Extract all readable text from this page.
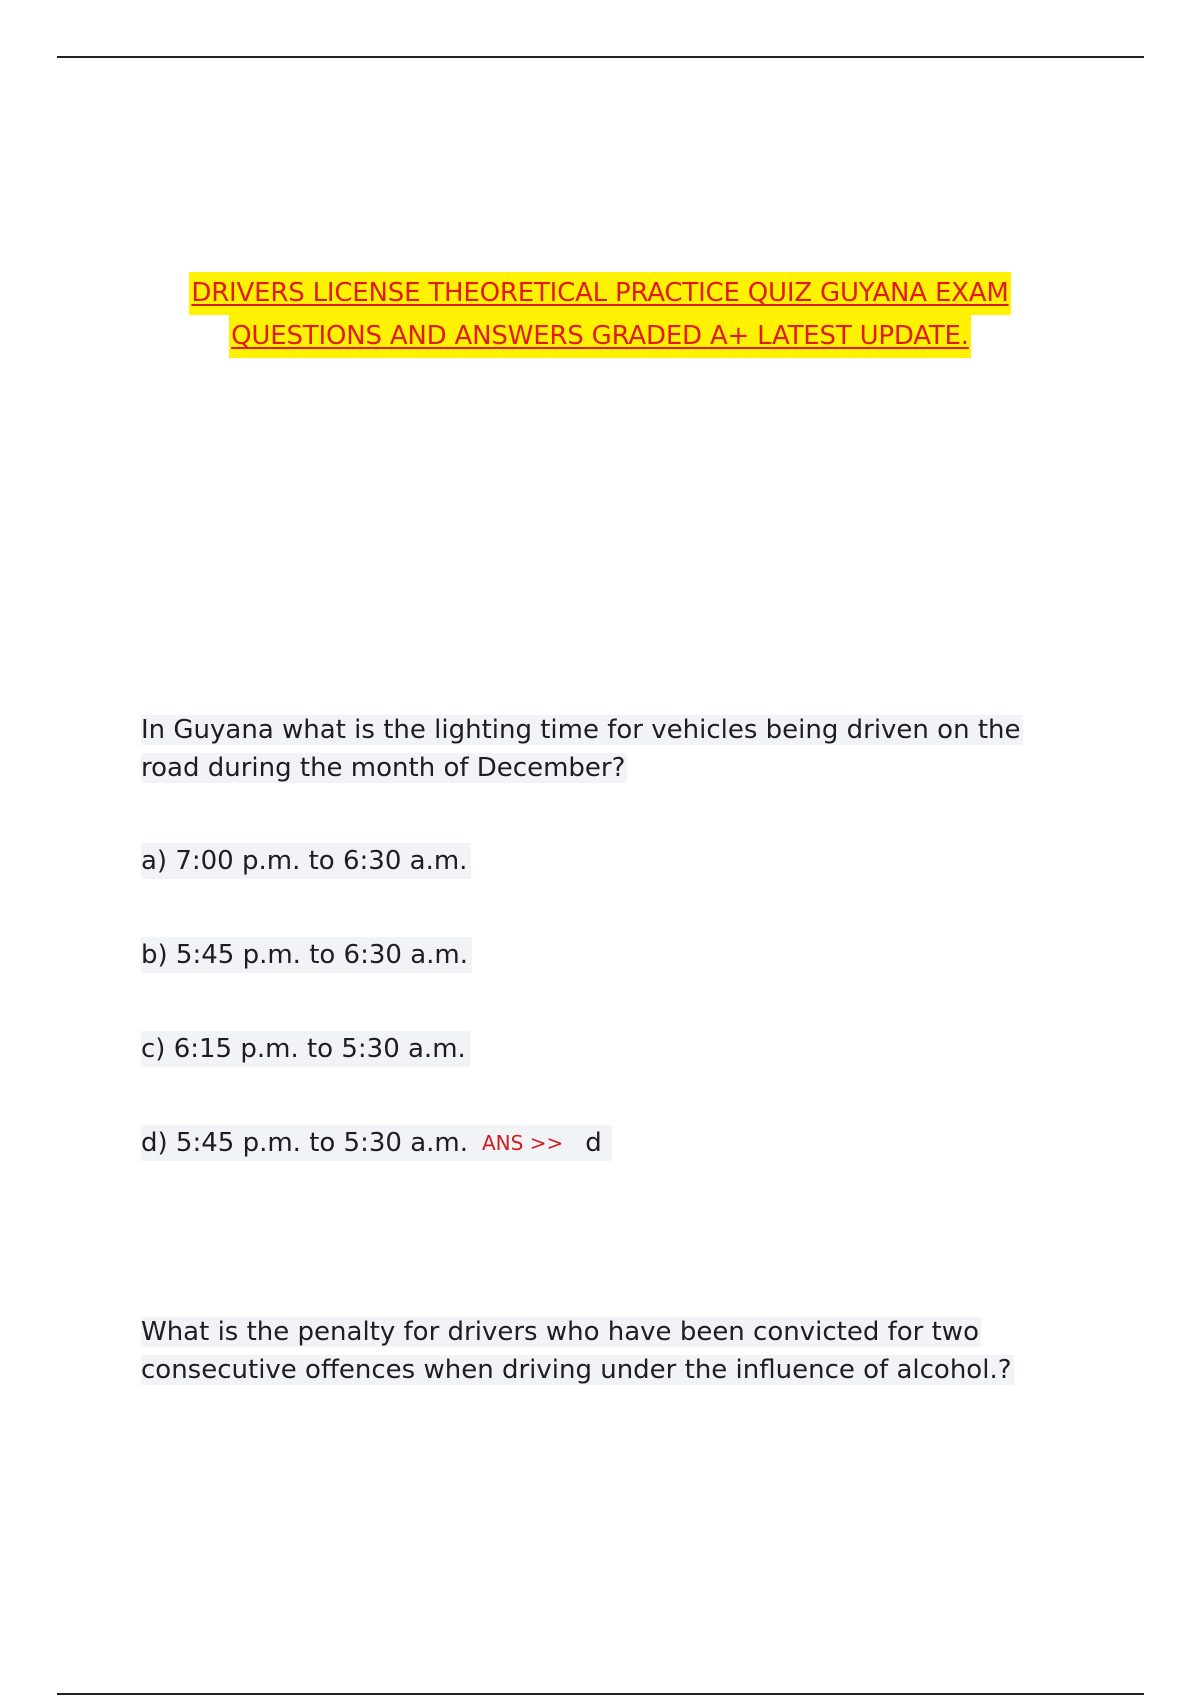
DRIVERS LICENSE THEORETICAL PRACTICE QUIZ GUYANA EXAM
QUESTIONS AND ANSWERS GRADED A+ LATEST UPDATE.
In Guyana what is the lighting time for vehicles being driven on the road during the month of December?
a) 7:00 p.m. to 6:30 a.m.
b) 5:45 p.m. to 6:30 a.m.
c) 6:15 p.m. to 5:30 a.m.
d) 5:45 p.m. to 5:30 a.m. ANS >> d
What is the penalty for drivers who have been convicted for two consecutive offences when driving under the influence of alcohol.?
